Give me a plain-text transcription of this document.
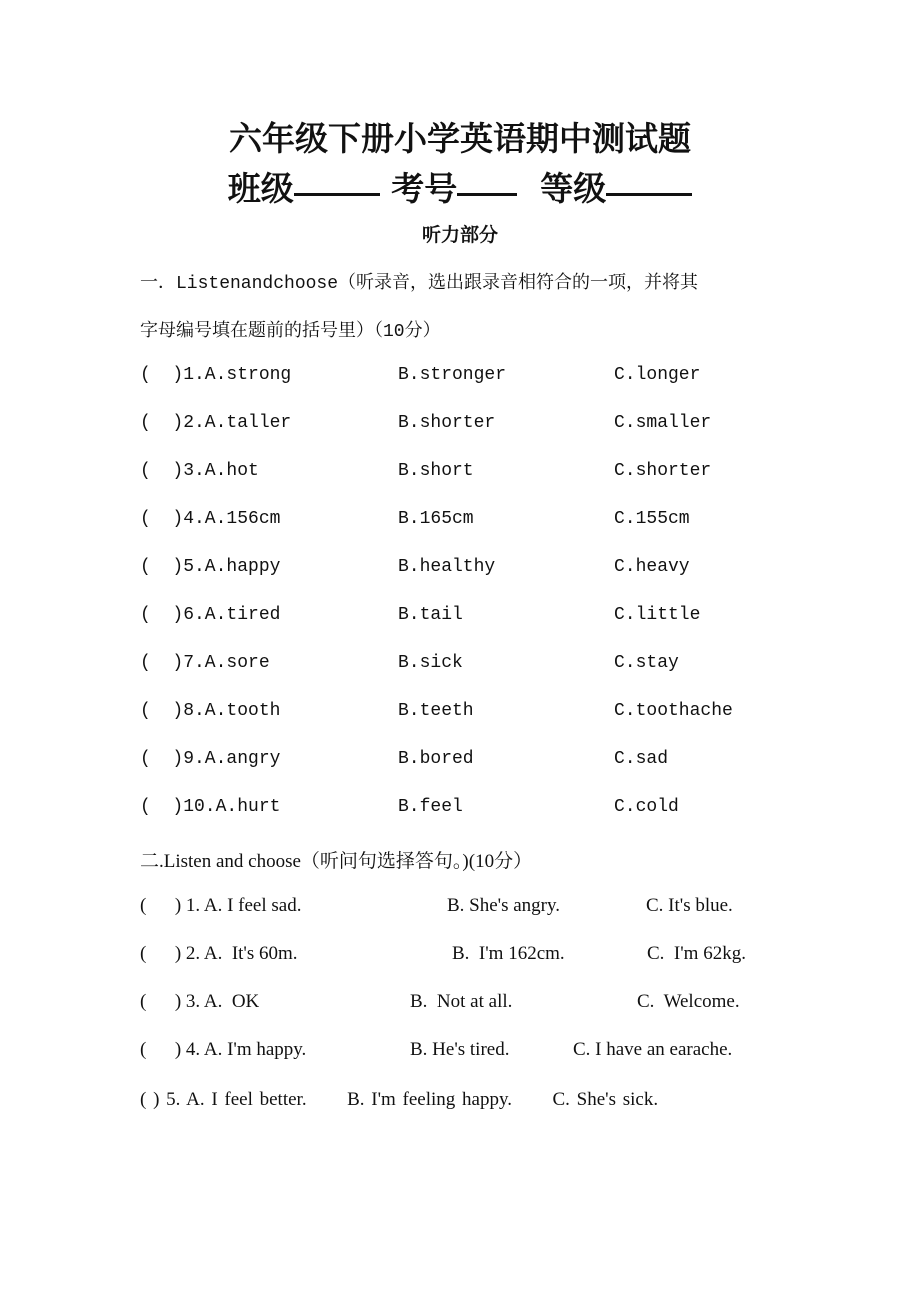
六年级下册小学英语期中测试题
班级	考号	等级
听力部分
一．Listenandchoose（听录音，选出跟录音相符合的一项，并将其
字母编号填在题前的括号里）（10分）
(  )1.A.strong	B.stronger	C.longer
(  )2.A.taller	B.shorter	C.smaller
(  )3.A.hot	B.short	C.shorter
(  )4.A.156cm	B.165cm	C.155cm
(  )5.A.happy	B.healthy	C.heavy
(  )6.A.tired	B.tail	C.little
(  )7.A.sore	B.sick	C.stay
(  )8.A.tooth	B.teeth	C.toothache
(  )9.A.angry	B.bored	C.sad
(  )10.A.hurt	B.feel	C.cold
二.Listen and choose（听问句选择答句。)(10分）
(      ) 1. A. I feel sad.	B. She's angry.	C. It's blue.
(      ) 2. A.  It's 60m.	B.  I'm 162cm.	C.  I'm 62kg.
(      ) 3. A.  OK	B.  Not at all.	C.  Welcome.
(      ) 4. A. I'm happy.	B. He's tired.	C. I have an earache.
( ) 5. A. I feel better. B. I'm feeling happy. C. She's sick.
